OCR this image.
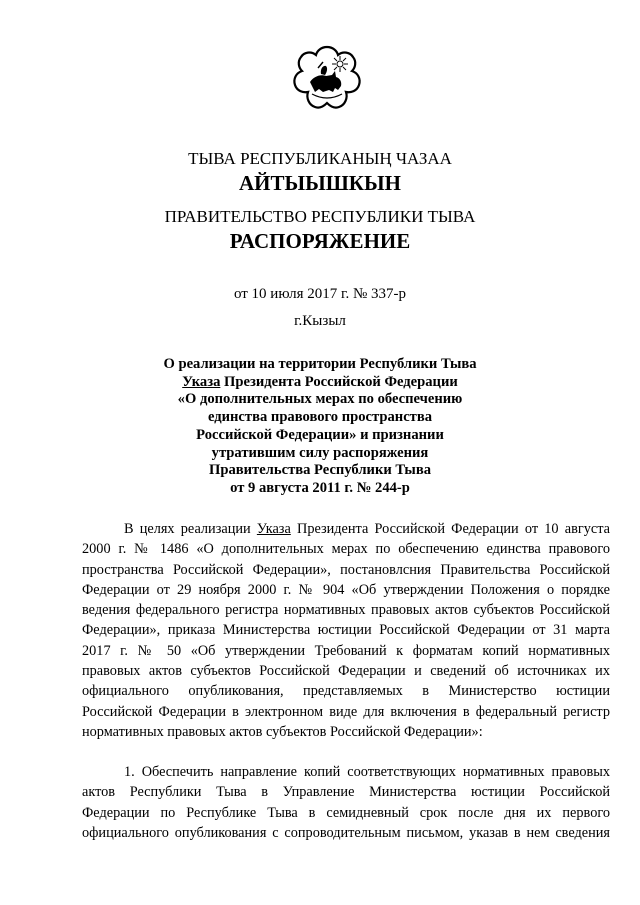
ТЫВА РЕСПУБЛИКАНЫҢ ЧАЗАА
АЙТЫЫШКЫН
ПРАВИТЕЛЬСТВО РЕСПУБЛИКИ ТЫВА
РАСПОРЯЖЕНИЕ
от 10 июля 2017 г. № 337-р
г.Кызыл
О реализации на территории Республики Тыва
Указа Президента Российской Федерации
«О дополнительных мерах по обеспечению
единства правового пространства
Российской Федерации» и признании
утратившим силу распоряжения
Правительства Республики Тыва
от 9 августа 2011 г. № 244-р
В целях реализации Указа Президента Российской Федерации от 10 августа
2000 г. № 1486 «О дополнительных мерах по обеспечению единства правового
пространства Российской Федерации», постановлсния Правительства Российской
Федерации от 29 ноября 2000 г. № 904 «Об утверждении Положения о порядке
ведения федерального регистра нормативных правовых актов субъектов Российской
Федерации», приказа Министерства юстиции Российской Федерации от 31 марта
2017 г. № 50 «Об утверждении Требований к форматам копий нормативных
правовых актов субъектов Российской Федерации и сведений об источниках их
официального опубликования, представляемых в Министерство юстиции
Российской Федерации в электронном виде для включения в федеральный регистр
нормативных правовых актов субъектов Российской Федерации»:
1. Обеспечить направление копий соответствующих нормативных правовых
актов Республики Тыва в Управление Министерства юстиции Российской
Федерации по Республике Тыва в семидневный срок после дня их первого
официального опубликования с сопроводительным письмом, указав в нем сведения
